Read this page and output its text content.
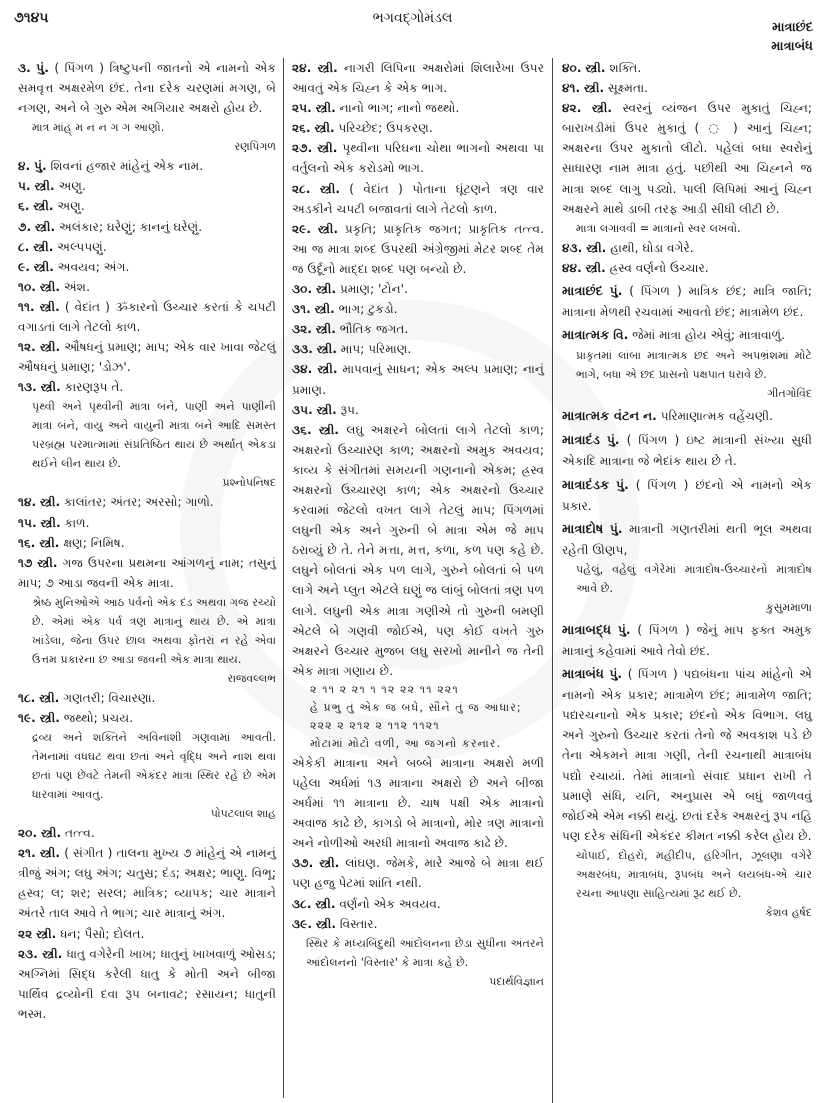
૭૧૪૫	ભગવદ્ગોમંડલ
માત્રાછંદ
માત્રાબંધ

૩. પું. ( પિંગળ ) ત્રિષ્ટુપની જાતનો એ નામનો એક સમવૃત્ત અક્ષરમેળ છંદ. તેના દરેક ચરણમાં મગણ, બે નગણ, અને બે ગુરુ એમ અગિયાર અક્ષરો હોય છે.

માત્ર માંહ્ મ ન ન ગ ગ આણો.
રણપિંગળ

૪. પું. શિવનાં હજાર માંહેનું એક નામ.

૫. સ્ત્રી. અણુ.

૬. સ્ત્રી. અણુ.

૭. સ્ત્રી. અલંકાર; ઘરેણું; કાનનું ઘરેણું.

૮. સ્ત્રી. અલ્પપણું.

૯. સ્ત્રી. અવયવ; અંગ.

૧૦. સ્ત્રી. અંશ.

૧૧. સ્ત્રી. ( વેદાંત ) ૐકારનો ઉચ્ચાર કરતાં કે ચપટી વગાડતાં લાગે તેટલો કાળ.

૧૨. સ્ત્રી. ઔષધનું પ્રમાણ; માપ; એક વાર ખાવા જેટલું ઔષધનું પ્રમાણ; 'ડોઝ'.

૧૩. સ્ત્રી. કારણરૂપ તે.

પૃથ્વી અને પૃથ્વીની માત્રા બંને, પાણી અને પાણીની માત્રા બંને, વાયુ અને વાયુની માત્રા બંને આદિ સમસ્ત પરબ્રહ્મ પરમાત્મામાં સંપ્રતિષ્ઠિત થાય છે અર્થાત્ એકડા થઈને લીન થાય છે.
પ્રશ્નોપનિષદ

૧૪. સ્ત્રી. કાલાંતર; અંતર; અરસો; ગાળો.

૧૫. સ્ત્રી. કાળ.

૧૬. સ્ત્રી. ક્ષણ; નિમિષ.

૧૭ સ્ત્રી. ગજ ઉપરના પ્રથમના આંગળનું નામ; તસુનું માપ; ૭ આડા જવની એક માત્રા.

શ્રેષ્ઠ મુનિઓએ આઠ પર્વનો એક દંડ અથવા ગજ રચ્યો છે. એમાં એક પર્વ ત્રણ માત્રાનું થાય છે. એ માત્રા ખાંડેલા, જેના ઉપર છાલ અથવા ફોતરાં ન રહે એવા ઉત્તમ પ્રકારના છ આડા જવની એક માત્રા થાય.
રાજવલ્લભ

૧૮. સ્ત્રી. ગણતરી; વિચારણા.

૧૯. સ્ત્રી. જથ્થો; પ્રચય.

દ્રવ્ય અને શક્તિને અવિનાશી ગણવામાં આવતી. તેમનામાં વધઘટ થવા છતાં અને વૃદ્ધિ અને નાશ થવા છતાં પણ છેવટે તેમની એકંદર માત્રા સ્થિર રહે છે એમ ધારવામાં આવતું.
પોપટલાલ શાહ

૨૦. સ્ત્રી. તત્ત્વ.

૨૧. સ્ત્રી. ( સંગીત ) તાલના મુખ્ય ૭ માંહેનું એ નામનું ત્રીજું અંગ; લઘુ અંગ; ચતુસ્ર; દંડ; અક્ષર; ભાણુ. વિભૂ; હ્રસ્વ; લ; શર; સરલ; માત્રિક; વ્યાપક; ચાર માત્રાને અંતરે તાલ આવે તે ભાગ; ચાર માત્રાનું અંગ.

૨૨ સ્ત્રી. ધન; પૈસો; દોલત.

૨૩. સ્ત્રી. ધાતુ વગેરેની ખાખ; ધાતુનું ખાખવાળું ઓસડ; અગ્નિમાં સિદ્ધ કરેલી ધાતુ કે મોતી અને બીજા પાર્થિવ દ્રવ્યોની દવા રૂપ બનાવટ; રસાયન; ધાતુની ભસ્મ.

૨૪. સ્ત્રી. નાગરી લિપિના અક્ષરોમાં શિલારેખા ઉપર આવતું એક ચિહ્ન કે એક ભાગ.

૨૫. સ્ત્રી. નાનો ભાગ; નાનો જથ્થો.

૨૬. સ્ત્રી. પરિચ્છેદ; ઉપકરણ.

૨૭. સ્ત્રી. પૃથ્વીના પરિઘના ચોથા ભાગનો અથવા પા વર્તુલનો એક કરોડમો ભાગ.

૨૮. સ્ત્રી. ( વેદાંત ) પોતાના ઘૂંટણને ત્રણ વાર અડકીને ચપટી બજાવતાં લાગે તેટલો કાળ.

૨૯. સ્ત્રી. પ્રકૃતિ; પ્રાકૃતિક જગત; પ્રાકૃતિક તત્ત્વ. આ જ માત્રા શબ્દ ઉપરથી અંગ્રેજીમાં મેટર શબ્દ તેમ જ ઉર્દૂનો માદ્દા શબ્દ પણ બન્યો છે.

૩૦. સ્ત્રી. પ્રમાણ; 'ટોન'.

૩૧. સ્ત્રી. ભાગ; ટુકડો.

૩૨. સ્ત્રી. ભૌતિક જગત.

૩૩. સ્ત્રી. માપ; પરિમાણ.

૩૪. સ્ત્રી. માપવાનું સાધન; એક અલ્પ પ્રમાણ; નાનું પ્રમાણ.

૩૫. સ્ત્રી. રૂપ.

૩૬. સ્ત્રી. લઘુ અક્ષરને બોલતાં લાગે તેટલો કાળ; અક્ષરનો ઉચ્ચારણ કાળ; અક્ષરનો અમુક અવયવ; કાવ્ય કે સંગીતમાં સમયની ગણનાનો એકમ; હ્રસ્વ અક્ષરનો ઉચ્ચારણ કાળ; એક અક્ષરનો ઉચ્ચાર કરવામાં જેટલો વખત લાગે તેટલું માપ; પિંગળમાં લઘુની એક અને ગુરુની બે માત્રા એમ જે માપ ઠરાવ્યું છે તે. તેને મત્તા, મત્ત, કળા, કળ પણ કહે છે. લઘુને બોલતાં એક પળ લાગે, ગુરુને બોલતાં બે પળ લાગે અને પ્લુત એટલે ઘણું જ લાંબું બોલતાં ત્રણ પળ લાગે. લઘુની એક માત્રા ગણીએ તો ગુરુની બમણી એટલે બે ગણવી જોઈએ, પણ કોઈ વખતે ગુરુ અક્ષરને ઉચ્ચાર મુજબ લઘુ સરખો માનીને જ તેની એક માત્રા ગણાય છે.

૨ ૧૧ ૨ ૨૧ ૧ ૧૨ ૨૨ ૧૧ ૨૨૧
હે પ્રભુ તું એક જ બધે, સૌને તું જ આધાર;
૨૨૨ ૨ ૨૧૨ ૨ ૧૧૨ ૧૧૨૧
મોટામાં મોટો વળી, આ જગનો કરનાર.

એકેકી માત્રાના અને બબ્બે માત્રાના અક્ષરો મળી પહેલા અર્ધમાં ૧૩ માત્રાના અક્ષરો છે અને બીજા અર્ધમાં ૧૧ માત્રાના છે. ચાષ પક્ષી એક માત્રાનો અવાજ કાઢે છે, કાગડો બે માત્રાનો, મોર ત્રણ માત્રાનો અને નોળીઓ અરધી માત્રાનો અવાજ કાઢે છે.

૩૭. સ્ત્રી. લાંઘણ. જેમકે, મારે આજે બે માત્રા થઈ પણ હજુ પેટમાં શાંતિ નથી.

૩૮. સ્ત્રી. વર્ણનો એક અવયવ.

૩૯. સ્ત્રી. વિસ્તાર.

સ્થિર કે મધ્યબિંદુથી આંદોલનના છેડા સુધીના અંતરને આંદોલનનો 'વિસ્તાર' કે માત્રા કહે છે.
પદાર્થવિજ્ઞાન

૪૦. સ્ત્રી. શક્તિ.

૪૧. સ્ત્રી. સૂક્ષ્મતા.

૪૨. સ્ત્રી. સ્વરનું વ્યંજન ઉપર મુકાતું ચિહ્ન; બારાખડીમાં ઉપર મુકાતું ( ◌ ) આનું ચિહ્ન; અક્ષરના ઉપર મુકાતો લીટો. પહેલાં બધા સ્વરોનું સાધારણ નામ માત્રા હતું. પછીથી આ ચિહ્નને જ માત્રા શબ્દ લાગુ પડ્યો. પાલી લિપિમાં આનું ચિહ્ન અક્ષરને માથે ડાબી તરફ આડી સીધી લીટી છે.

માત્રા લગાવવી = માત્રાનો સ્વર લખવો.

૪૩. સ્ત્રી. હાથી, ઘોડા વગેરે.

૪૪. સ્ત્રી. હ્રસ્વ વર્ણનો ઉચ્ચાર.

માત્રાછંદ પું. ( પિંગળ ) માત્રિક છંદ; માત્રિ જાતિ; માત્રાના મેળથી રચવામાં આવતો છંદ; માત્રામેળ છંદ.

માત્રાત્મક વિ. જેમાં માત્રા હોય એવું; માત્રાવાળું.

પ્રાકૃતમાં લાંબા માત્રાત્મક છંદ અને અપભ્રંશમાં મોટે ભાગે, બધા એ છંદ પ્રાસનો પક્ષપાત ધરાવે છે.
ગીતગોવિંદ

માત્રાત્મક વંટન ન. પરિમાણાત્મક વહેંચણી.

માત્રાદંડ પું. ( પિંગળ ) ઇષ્ટ માત્રાની સંખ્યા સુધી એકાદિ માત્રાના જે ભેદાંક થાય છે તે.

માત્રાદંડક પું. ( પિંગળ ) છંદનો એ નામનો એક પ્રકાર.

માત્રાદોષ પું. માત્રાની ગણતરીમાં થતી ભૂલ અથવા રહેતી ઊણપ,

પહેલું, વહેલું વગેરેમાં માત્રાદોષ-ઉચ્ચારનો માત્રાદોષ આવે છે.
કુસુમમાળા

માત્રાબદ્ધ પું. ( પિંગળ ) જેનું માપ ફક્ત અમુક માત્રાનું કહેવામાં આવે તેવો છંદ.

માત્રાબંધ પું. ( પિંગળ ) પદ્યબંધના પાંચ માંહેનો એ નામનો એક પ્રકાર; માત્રામેળ છંદ; માત્રામેળ જાતિ; પદ્યરચનાનો એક પ્રકાર; છંદનો એક વિભાગ. લઘુ અને ગુરુનો ઉચ્ચાર કરતાં તેનો જે અવકાશ પડે છે તેના એકમને માત્રા ગણી, તેની રચનાથી માત્રાબંધ પદ્યો રચાયાં. તેમાં માત્રાનો સંવાદ પ્રધાન રાખી તે પ્રમાણે સંધિ, યતિ, અનુપ્રાસ એ બધું જાળવવું જોઈએ એમ નક્કી થયું. છતાં દરેક અક્ષરનું રૂપ નહિ પણ દરેક સંધિની એકંદર કીમત નક્કી કરેલ હોય છે.

ચોપાઈ, દોહરો, મહીદીપ, હરિગીત, ઝૂલણા વગેરે અક્ષરબંધ, માત્રાબંધ, રૂપબંધ અને લયબંધ-એ ચાર રચના આપણા સાહિત્યમાં રૂઢ થઈ છે.
કેશવ હર્ષદ
